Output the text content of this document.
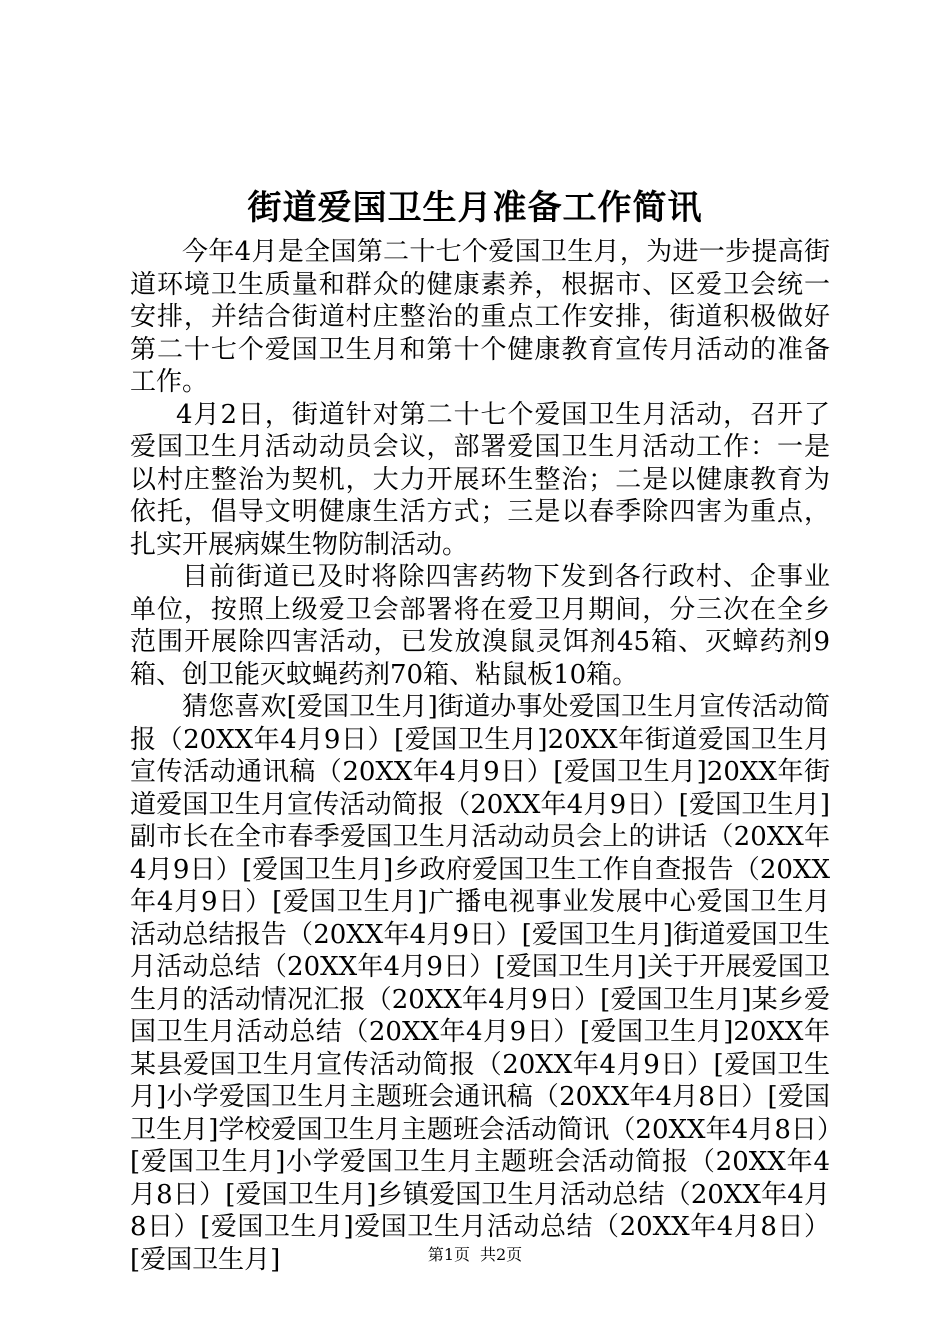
街道爱国卫生月准备工作简讯

今年4月是全国第二十七个爱国卫生月，为进一步提高街道环境卫生质量和群众的健康素养，根据市、区爱卫会统一安排，并结合街道村庄整治的重点工作安排，街道积极做好第二十七个爱国卫生月和第十个健康教育宣传月活动的准备工作。

4月2日，街道针对第二十七个爱国卫生月活动，召开了爱国卫生月活动动员会议，部署爱国卫生月活动工作：一是以村庄整治为契机，大力开展环生整治；二是以健康教育为依托，倡导文明健康生活方式；三是以春季除四害为重点，扎实开展病媒生物防制活动。

目前街道已及时将除四害药物下发到各行政村、企事业单位，按照上级爱卫会部署将在爱卫月期间，分三次在全乡范围开展除四害活动，已发放溴鼠灵饵剂45箱、灭蟑药剂9箱、创卫能灭蚊蝇药剂70箱、粘鼠板10箱。

猜您喜欢[爱国卫生月]街道办事处爱国卫生月宣传活动简报（20XX年4月9日）[爱国卫生月]20XX年街道爱国卫生月宣传活动通讯稿（20XX年4月9日）[爱国卫生月]20XX年街道爱国卫生月宣传活动简报（20XX年4月9日）[爱国卫生月]副市长在全市春季爱国卫生月活动动员会上的讲话（20XX年4月9日）[爱国卫生月]乡政府爱国卫生工作自查报告（20XX年4月9日）[爱国卫生月]广播电视事业发展中心爱国卫生月活动总结报告（20XX年4月9日）[爱国卫生月]街道爱国卫生月活动总结（20XX年4月9日）[爱国卫生月]关于开展爱国卫生月的活动情况汇报（20XX年4月9日）[爱国卫生月]某乡爱国卫生月活动总结（20XX年4月9日）[爱国卫生月]20XX年某县爱国卫生月宣传活动简报（20XX年4月9日）[爱国卫生月]小学爱国卫生月主题班会通讯稿（20XX年4月8日）[爱国卫生月]学校爱国卫生月主题班会活动简讯（20XX年4月8日）[爱国卫生月]小学爱国卫生月主题班会活动简报（20XX年4月8日）[爱国卫生月]乡镇爱国卫生月活动总结（20XX年4月8日）[爱国卫生月]爱国卫生月活动总结（20XX年4月8日）[爱国卫生月]	第1页 共2页
